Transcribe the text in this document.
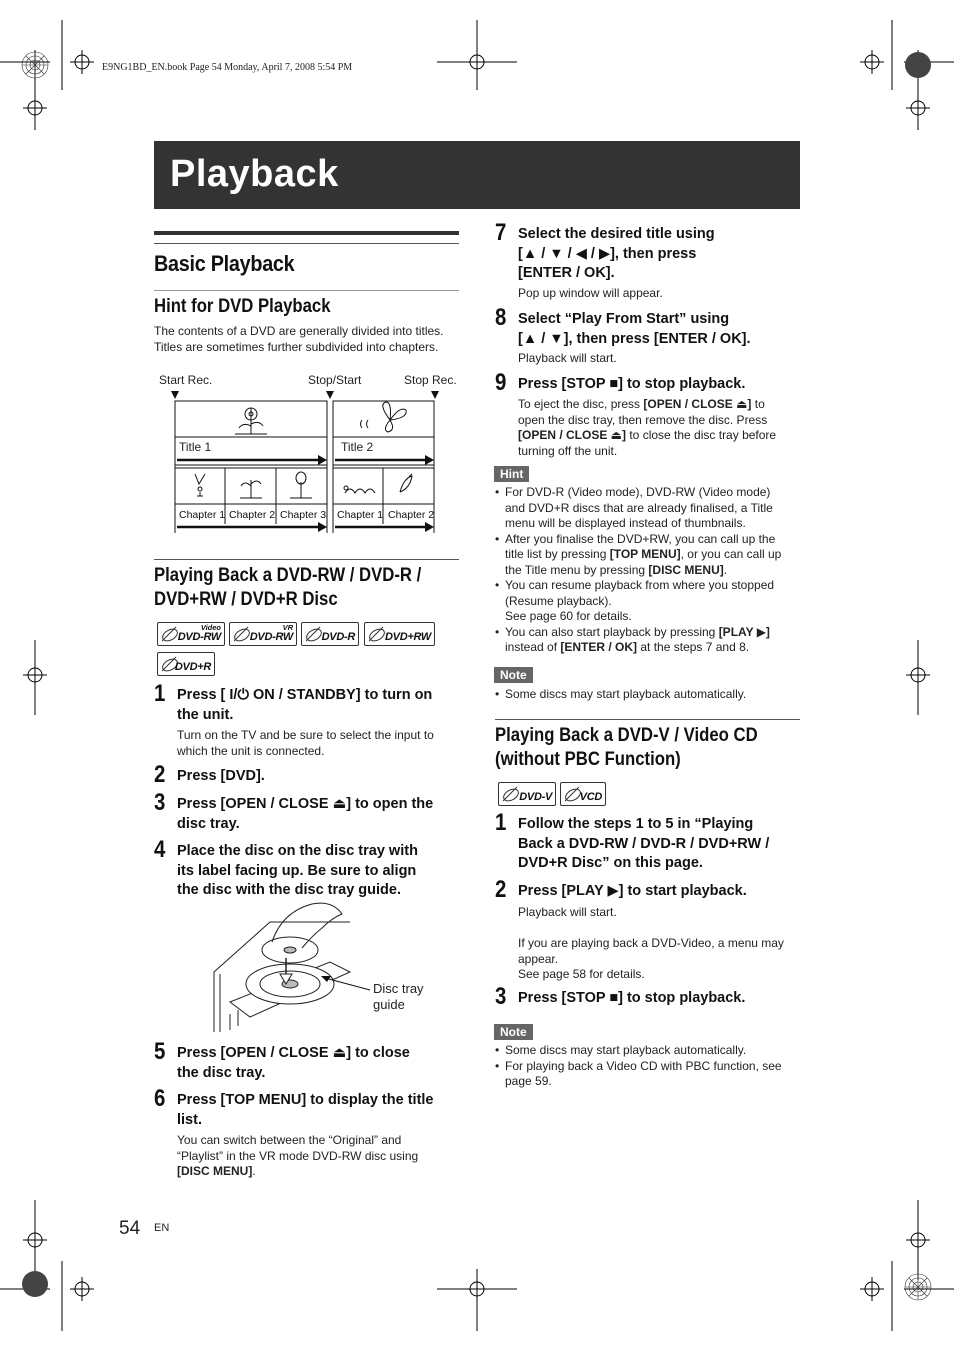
E9NG1BD_EN.book Page 54 Monday, April 7, 2008 5:54 PM
Playback
Basic Playback
Hint for DVD Playback
The contents of a DVD are generally divided into titles. Titles are sometimes further subdivided into chapters.
Start Rec.	Stop/Start	Stop Rec.
Title 1	Title 2
Chapter 1 Chapter 2 Chapter 3 Chapter 1 Chapter 2
Playing Back a DVD-RW / DVD-R /
DVD+RW / DVD+R Disc
Video
DVD-RW
VR
DVD-RW	DVD-R	DVD+RW
DVD+R
1 Press [ I/⏻ ON / STANDBY] to turn on
the unit.
Turn on the TV and be sure to select the input to
which the unit is connected.
2 Press [DVD].
3 Press [OPEN / CLOSE ⏏] to open the
disc tray.
4 Place the disc on the disc tray with
its label facing up. Be sure to align
the disc with the disc tray guide.
Disc tray
guide
5 Press [OPEN / CLOSE ⏏] to close
the disc tray.
6 Press [TOP MENU] to display the title
list.
You can switch between the “Original” and
“Playlist” in the VR mode DVD-RW disc using
[DISC MENU].
7 Select the desired title using
[▲ / ▼ / ◀ / ▶], then press
[ENTER / OK].
Pop up window will appear.
8 Select “Play From Start” using
[▲ / ▼], then press [ENTER / OK].
Playback will start.
9 Press [STOP ■] to stop playback.
To eject the disc, press [OPEN / CLOSE ⏏] to
open the disc tray, then remove the disc. Press
[OPEN / CLOSE ⏏] to close the disc tray before
turning off the unit.
Hint
• For DVD-R (Video mode), DVD-RW (Video mode)
and DVD+R discs that are already finalised, a Title
menu will be displayed instead of thumbnails.
• After you finalise the DVD+RW, you can call up the
title list by pressing [TOP MENU], or you can call up
the Title menu by pressing [DISC MENU].
• You can resume playback from where you stopped
(Resume playback).
See page 60 for details.
• You can also start playback by pressing [PLAY ▶]
instead of [ENTER / OK] at the steps 7 and 8.
Note
• Some discs may start playback automatically.
Playing Back a DVD-V / Video CD
(without PBC Function)
DVD-V	VCD
1 Follow the steps 1 to 5 in “Playing
Back a DVD-RW / DVD-R / DVD+RW /
DVD+R Disc” on this page.
2 Press [PLAY ▶] to start playback.
Playback will start.
If you are playing back a DVD-Video, a menu may
appear.
See page 58 for details.
3 Press [STOP ■] to stop playback.
Note
• Some discs may start playback automatically.
• For playing back a Video CD with PBC function, see
page 59.
54 EN
